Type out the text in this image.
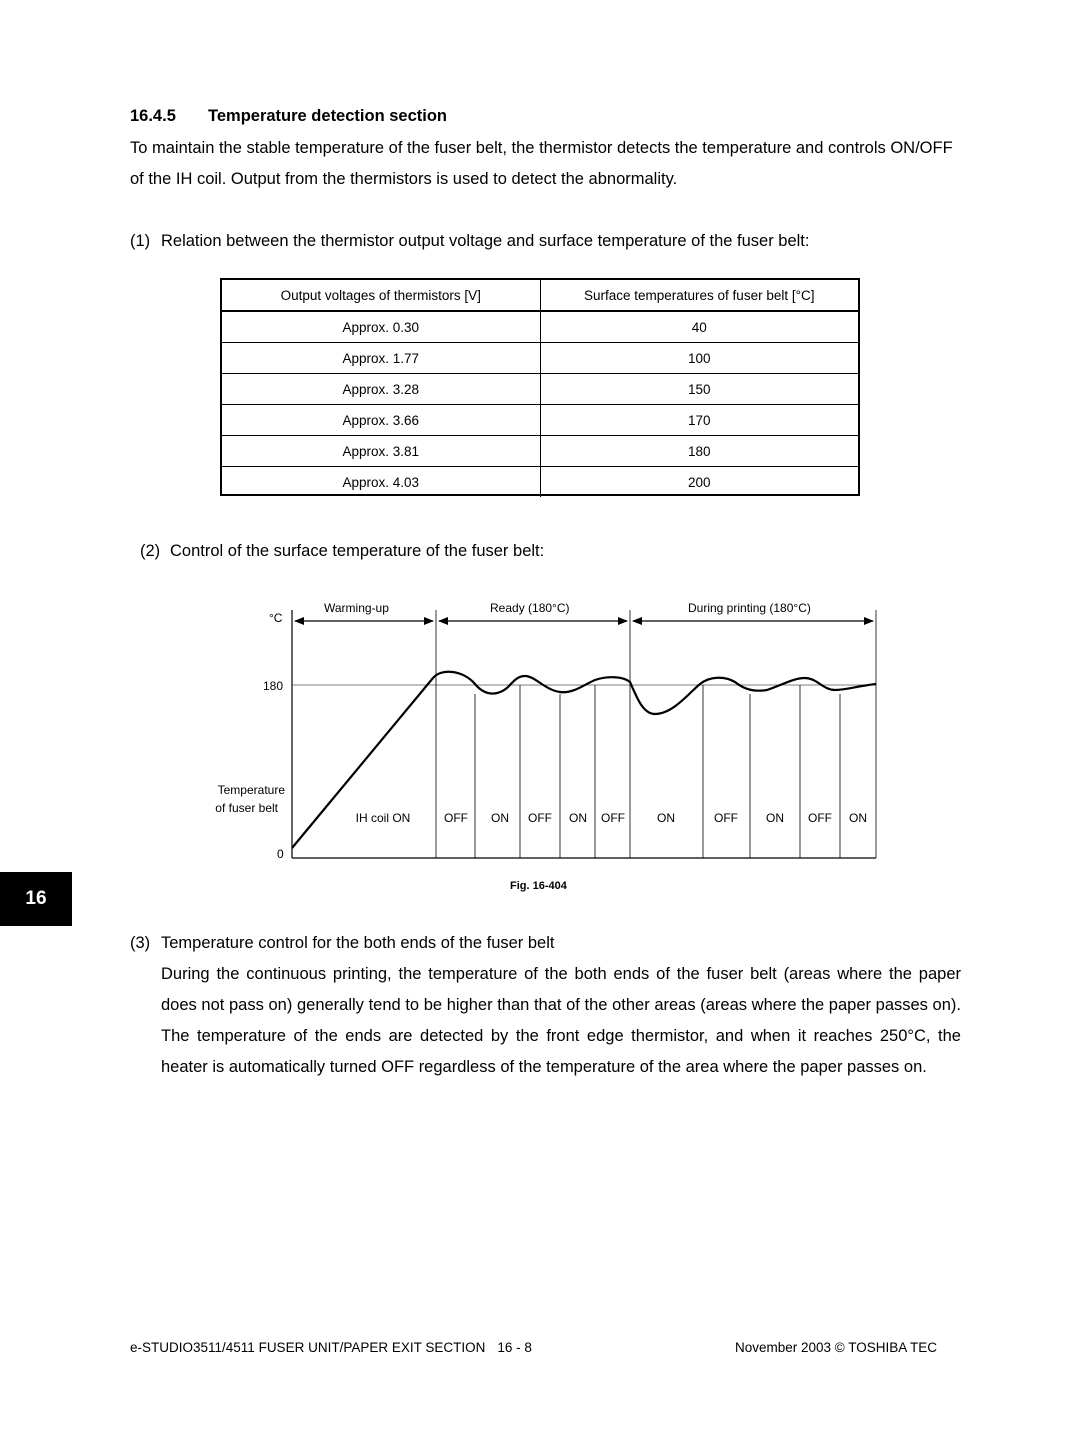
16.4.5 Temperature detection section
To maintain the stable temperature of the fuser belt, the thermistor detects the temperature and controls ON/OFF of the IH coil. Output from the thermistors is used to detect the abnormality.
(1) Relation between the thermistor output voltage and surface temperature of the fuser belt:
Output voltages of thermistors [V]	Surface temperatures of fuser belt [°C]
Approx. 0.30	40
Approx. 1.77	100
Approx. 3.28	150
Approx. 3.66	170
Approx. 3.81	180
Approx. 4.03	200
(2) Control of the surface temperature of the fuser belt:
°C
180
0
Temperature
of fuser belt
Warming-up	Ready (180°C)	During printing (180°C)
IH coil ON	OFF ON OFF ON OFF	ON	OFF ON OFF ON
Fig. 16-404
16
(3) Temperature control for the both ends of the fuser belt
During the continuous printing, the temperature of the both ends of the fuser belt (areas where the paper does not pass on) generally tend to be higher than that of the other areas (areas where the paper passes on). The temperature of the ends are detected by the front edge thermistor, and when it reaches 250°C, the heater is automatically turned OFF regardless of the temperature of the area where the paper passes on.
e-STUDIO3511/4511 FUSER UNIT/PAPER EXIT SECTION 16 - 8	November 2003 © TOSHIBA TEC
